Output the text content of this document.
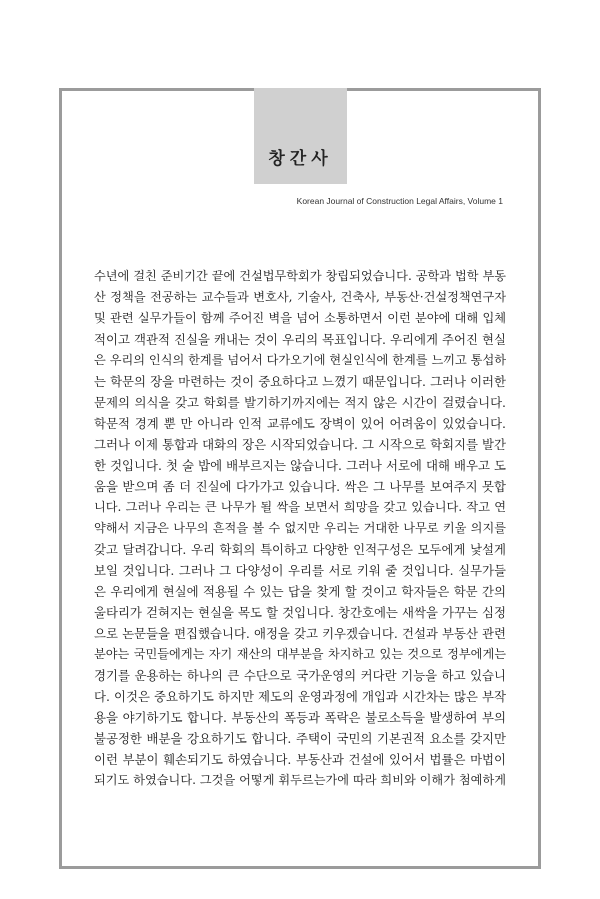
창간사
Korean Journal of Construction Legal Affairs, Volume 1
수년에 걸친 준비기간 끝에 건설법무학회가 창립되었습니다. 공학과 법학 부동
산 정책을 전공하는 교수들과 변호사, 기술사, 건축사, 부동산·건설정책연구자
및 관련 실무가들이 함께 주어진 벽을 넘어 소통하면서 이런 분야에 대해 입체
적이고 객관적 진실을 캐내는 것이 우리의 목표입니다. 우리에게 주어진 현실
은 우리의 인식의 한계를 넘어서 다가오기에 현실인식에 한계를 느끼고 통섭하
는 학문의 장을 마련하는 것이 중요하다고 느꼈기 때문입니다. 그러나 이러한
문제의 의식을 갖고 학회를 발기하기까지에는 적지 않은 시간이 걸렸습니다.
학문적 경계 뿐 만 아니라 인적 교류에도 장벽이 있어 어려움이 있었습니다.
그러나 이제 통합과 대화의 장은 시작되었습니다. 그 시작으로 학회지를 발간
한 것입니다. 첫 술 밥에 배부르지는 않습니다. 그러나 서로에 대해 배우고 도
움을 받으며 좀 더 진실에 다가가고 있습니다. 싹은 그 나무를 보여주지 못합
니다. 그러나 우리는 큰 나무가 될 싹을 보면서 희망을 갖고 있습니다. 작고 연
약해서 지금은 나무의 흔적을 볼 수 없지만 우리는 거대한 나무로 키울 의지를
갖고 달려갑니다. 우리 학회의 특이하고 다양한 인적구성은 모두에게 낯설게
보일 것입니다. 그러나 그 다양성이 우리를 서로 키워 줄 것입니다. 실무가들
은 우리에게 현실에 적용될 수 있는 답을 찾게 할 것이고 학자들은 학문 간의
울타리가 걷혀지는 현실을 목도 할 것입니다. 창간호에는 새싹을 가꾸는 심정
으로 논문들을 편집했습니다. 애정을 갖고 키우겠습니다. 건설과 부동산 관련
분야는 국민들에게는 자기 재산의 대부분을 차지하고 있는 것으로 정부에게는
경기를 운용하는 하나의 큰 수단으로 국가운영의 커다란 기능을 하고 있습니
다. 이것은 중요하기도 하지만 제도의 운영과정에 개입과 시간차는 많은 부작
용을 야기하기도 합니다. 부동산의 폭등과 폭락은 불로소득을 발생하여 부의
불공정한 배분을 강요하기도 합니다. 주택이 국민의 기본권적 요소를 갖지만
이런 부분이 훼손되기도 하였습니다. 부동산과 건설에 있어서 법률은 마법이
되기도 하였습니다. 그것을 어떻게 휘두르는가에 따라 희비와 이해가 첨예하게
